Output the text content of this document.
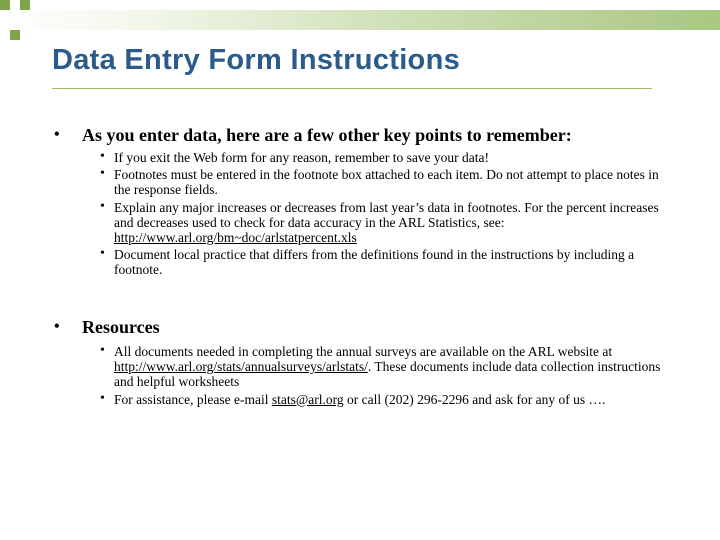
Data Entry Form Instructions
• As you enter data, here are a few other key points to remember:
• If you exit the Web form for any reason, remember to save your data!
• Footnotes must be entered in the footnote box attached to each item. Do not attempt to place notes in the response fields.
• Explain any major increases or decreases from last year’s data in footnotes. For the percent increases and decreases used to check for data accuracy in the ARL Statistics, see: http://www.arl.org/bm~doc/arlstatpercent.xls
• Document local practice that differs from the definitions found in the instructions by including a footnote.
• Resources
• All documents needed in completing the annual surveys are available on the ARL website at http://www.arl.org/stats/annualsurveys/arlstats/. These documents include data collection instructions and helpful worksheets
• For assistance, please e-mail stats@arl.org or call (202) 296-2296 and ask for any of us ….
